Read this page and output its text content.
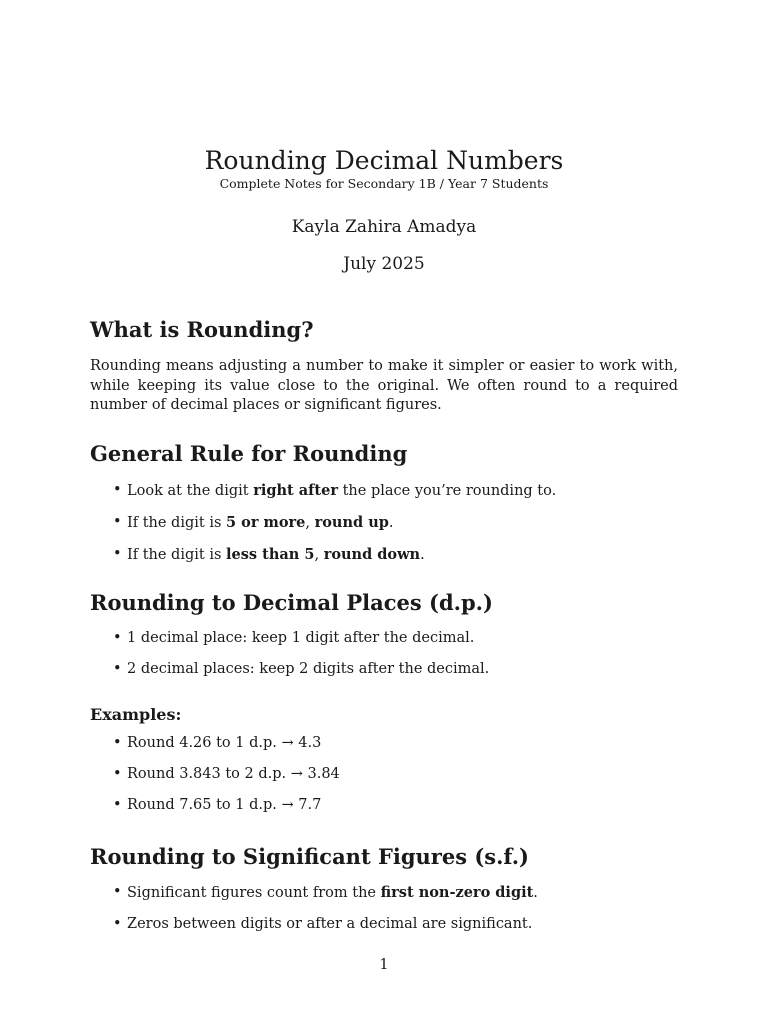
Rounding Decimal Numbers
Complete Notes for Secondary 1B / Year 7 Students
Kayla Zahira Amadya
July 2025
What is Rounding?

Rounding means adjusting a number to make it simpler or easier to work with, while keeping its value close to the original. We often round to a required number of decimal places or significant figures.

General Rule for Rounding
• Look at the digit right after the place you’re rounding to.
• If the digit is 5 or more, round up.
• If the digit is less than 5, round down.
Rounding to Decimal Places (d.p.)
• 1 decimal place: keep 1 digit after the decimal.
• 2 decimal places: keep 2 digits after the decimal.
Examples:
• Round 4.26 to 1 d.p. → 4.3
• Round 3.843 to 2 d.p. → 3.84
• Round 7.65 to 1 d.p. → 7.7
Rounding to Significant Figures (s.f.)
• Significant figures count from the first non-zero digit.
• Zeros between digits or after a decimal are significant.
1
